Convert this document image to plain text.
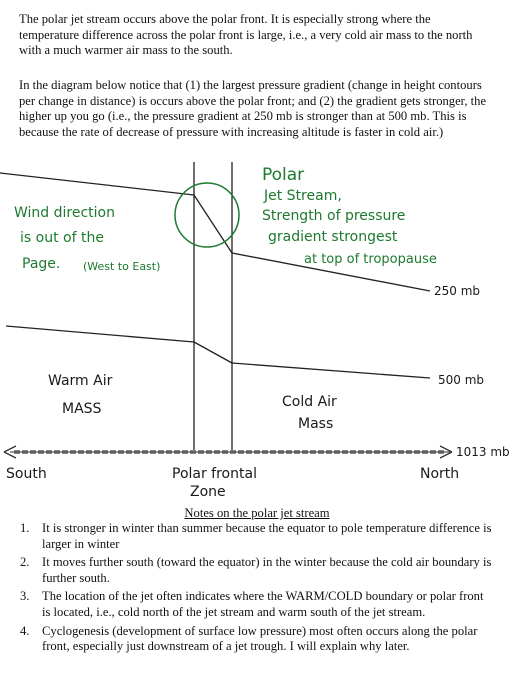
The polar jet stream occurs above the polar front. It is especially strong where the temperature difference across the polar front is large, i.e., a very cold air mass to the north with a much warmer air mass to the south.

In the diagram below notice that (1) the largest pressure gradient (change in height contours per change in distance) is occurs above the polar front; and (2) the gradient gets stronger, the higher up you go (i.e., the pressure gradient at 250 mb is stronger than at 500 mb. This is because the rate of decrease of pressure with increasing altitude is faster in cold air.)

Polar
Jet Stream,
Strength of pressure
gradient strongest
at top of tropopause
Wind direction
is out of the
Page. (West to East)
250 mb
500 mb
1013 mb
Warm Air
MASS	Cold Air
Mass
South	North
Polar frontal
Zone

Notes on the polar jet stream

1. It is stronger in winter than summer because the equator to pole temperature difference is larger in winter
2. It moves further south (toward the equator) in the winter because the cold air boundary is further south.
3. The location of the jet often indicates where the WARM/COLD boundary or polar front is located, i.e., cold north of the jet stream and warm south of the jet stream.
4. Cyclogenesis (development of surface low pressure) most often occurs along the polar front, especially just downstream of a jet trough. I will explain why later.
